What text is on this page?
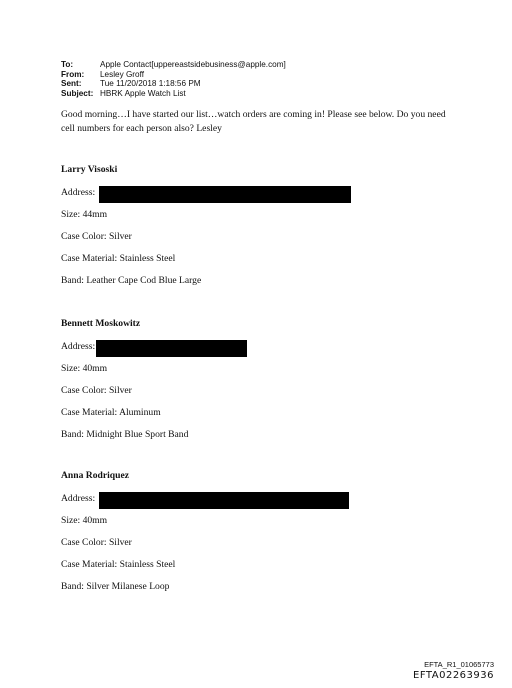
To:	Apple Contact[uppereastsidebusiness@apple.com]
From:	Lesley Groff
Sent:	Tue 11/20/2018 1:18:56 PM
Subject: HBRK Apple Watch List
Good morning…I have started our list…watch orders are coming in! Please see below. Do you need cell numbers for each person also? Lesley
Larry Visoski
Address:
Size: 44mm
Case Color: Silver
Case Material: Stainless Steel
Band: Leather Cape Cod Blue Large
Bennett Moskowitz
Address:
Size: 40mm
Case Color: Silver
Case Material: Aluminum
Band: Midnight Blue Sport Band
Anna Rodriquez
Address:
Size: 40mm
Case Color: Silver
Case Material: Stainless Steel
Band: Silver Milanese Loop
EFTA_R1_01065773
EFTA02263936
